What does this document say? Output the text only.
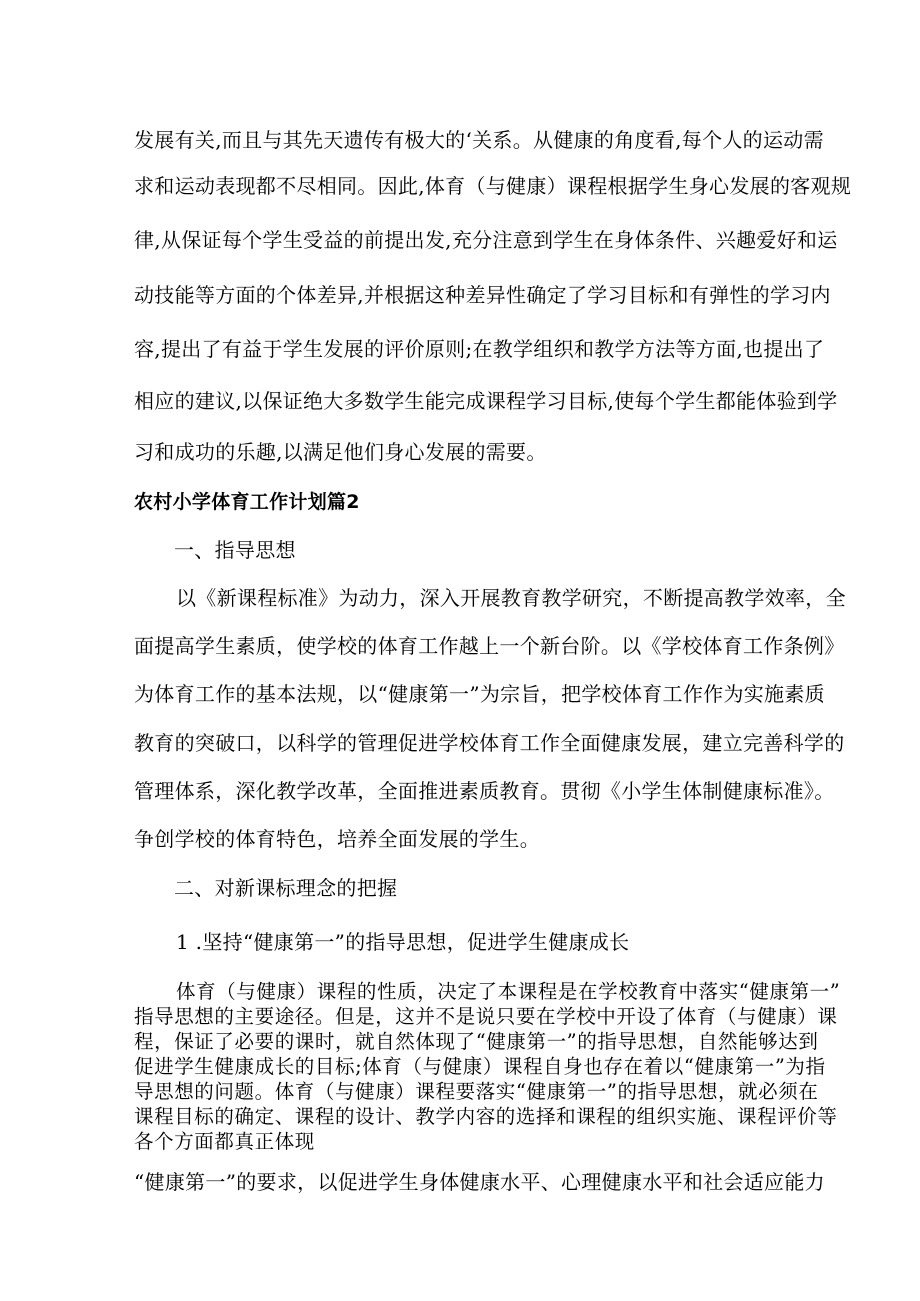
发展有关,而且与其先天遗传有极大的‘关系。从健康的角度看,每个人的运动需
求和运动表现都不尽相同。因此,体育（与健康）课程根据学生身心发展的客观规
律,从保证每个学生受益的前提出发,充分注意到学生在身体条件、兴趣爱好和运
动技能等方面的个体差异,并根据这种差异性确定了学习目标和有弹性的学习内
容,提出了有益于学生发展的评价原则;在教学组织和教学方法等方面,也提出了
相应的建议,以保证绝大多数学生能完成课程学习目标,使每个学生都能体验到学
习和成功的乐趣,以满足他们身心发展的需要。
农村小学体育工作计划篇2
一、指导思想
以《新课程标准》为动力，深入开展教育教学研究，不断提高教学效率，全
面提高学生素质，使学校的体育工作越上一个新台阶。以《学校体育工作条例》
为体育工作的基本法规，以“健康第一”为宗旨，把学校体育工作作为实施素质
教育的突破口，以科学的管理促进学校体育工作全面健康发展，建立完善科学的
管理体系，深化教学改革，全面推进素质教育。贯彻《小学生体制健康标准》。
争创学校的体育特色，培养全面发展的学生。
二、对新课标理念的把握
1 .坚持“健康第一”的指导思想，促进学生健康成长
体育（与健康）课程的性质，决定了本课程是在学校教育中落实“健康第一”
指导思想的主要途径。但是，这并不是说只要在学校中开设了体育（与健康）课
程，保证了必要的课时，就自然体现了“健康第一”的指导思想，自然能够达到
促进学生健康成长的目标;体育（与健康）课程自身也存在着以“健康第一”为指
导思想的问题。体育（与健康）课程要落实“健康第一”的指导思想，就必须在
课程目标的确定、课程的设计、教学内容的选择和课程的组织实施、课程评价等
各个方面都真正体现
“健康第一”的要求，以促进学生身体健康水平、心理健康水平和社会适应能力
